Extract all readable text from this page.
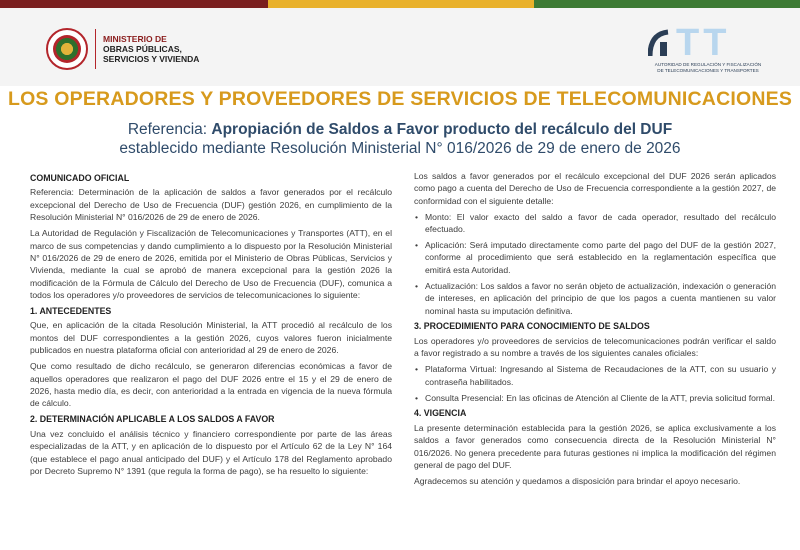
MINISTERIO DE
OBRAS PÚBLICAS,
SERVICIOS Y VIVIENDA	TT
AUTORIDAD DE REGULACIÓN Y FISCALIZACIÓN
DE TELECOMUNICACIONES Y TRANSPORTES
LOS OPERADORES Y PROVEEDORES DE SERVICIOS DE TELECOMUNICACIONES
Referencia: Apropiación de Saldos a Favor producto del recálculo del DUF
establecido mediante Resolución Ministerial N° 016/2026 de 29 de enero de 2026
COMUNICADO OFICIAL

Referencia: Determinación de la aplicación de saldos a favor generados por el recálculo excepcional del Derecho de Uso de Frecuencia (DUF) gestión 2026, en cumplimiento de la Resolución Ministerial N° 016/2026 de 29 de enero de 2026.

La Autoridad de Regulación y Fiscalización de Telecomunicaciones y Transportes (ATT), en el marco de sus competencias y dando cumplimiento a lo dispuesto por la Resolución Ministerial N° 016/2026 de 29 de enero de 2026, emitida por el Ministerio de Obras Públicas, Servicios y Vivienda, mediante la cual se aprobó de manera excepcional para la gestión 2026 la modificación de la Fórmula de Cálculo del Derecho de Uso de Frecuencia (DUF), comunica a todos los operadores y/o proveedores de servicios de telecomunicaciones lo siguiente:

1. ANTECEDENTES

Que, en aplicación de la citada Resolución Ministerial, la ATT procedió al recálculo de los montos del DUF correspondientes a la gestión 2026, cuyos valores fueron inicialmente publicados en nuestra plataforma oficial con anterioridad al 29 de enero de 2026.

Que como resultado de dicho recálculo, se generaron diferencias económicas a favor de aquellos operadores que realizaron el pago del DUF 2026 entre el 15 y el 29 de enero de 2026, hasta medio día, es decir, con anterioridad a la entrada en vigencia de la nueva fórmula de cálculo.

2. DETERMINACIÓN APLICABLE A LOS SALDOS A FAVOR

Una vez concluido el análisis técnico y financiero correspondiente por parte de las áreas especializadas de la ATT, y en aplicación de lo dispuesto por el Artículo 62 de la Ley N° 164 (que establece el pago anual anticipado del DUF) y el Artículo 178 del Reglamento aprobado por Decreto Supremo N° 1391 (que regula la forma de pago), se ha resuelto lo siguiente:

Los saldos a favor generados por el recálculo excepcional del DUF 2026 serán aplicados como pago a cuenta del Derecho de Uso de Frecuencia correspondiente a la gestión 2027, de conformidad con el siguiente detalle:

• Monto: El valor exacto del saldo a favor de cada operador, resultado del recálculo efectuado.
• Aplicación: Será imputado directamente como parte del pago del DUF de la gestión 2027, conforme al procedimiento que será establecido en la reglamentación específica que emitirá esta Autoridad.
• Actualización: Los saldos a favor no serán objeto de actualización, indexación o generación de intereses, en aplicación del principio de que los pagos a cuenta mantienen su valor nominal hasta su imputación definitiva.
3. PROCEDIMIENTO PARA CONOCIMIENTO DE SALDOS

Los operadores y/o proveedores de servicios de telecomunicaciones podrán verificar el saldo a favor registrado a su nombre a través de los siguientes canales oficiales:

• Plataforma Virtual: Ingresando al Sistema de Recaudaciones de la ATT, con su usuario y contraseña habilitados.
• Consulta Presencial: En las oficinas de Atención al Cliente de la ATT, previa solicitud formal.
4. VIGENCIA

La presente determinación establecida para la gestión 2026, se aplica exclusivamente a los saldos a favor generados como consecuencia directa de la Resolución Ministerial N° 016/2026. No genera precedente para futuras gestiones ni implica la modificación del régimen general de pago del DUF.

Agradecemos su atención y quedamos a disposición para brindar el apoyo necesario.
